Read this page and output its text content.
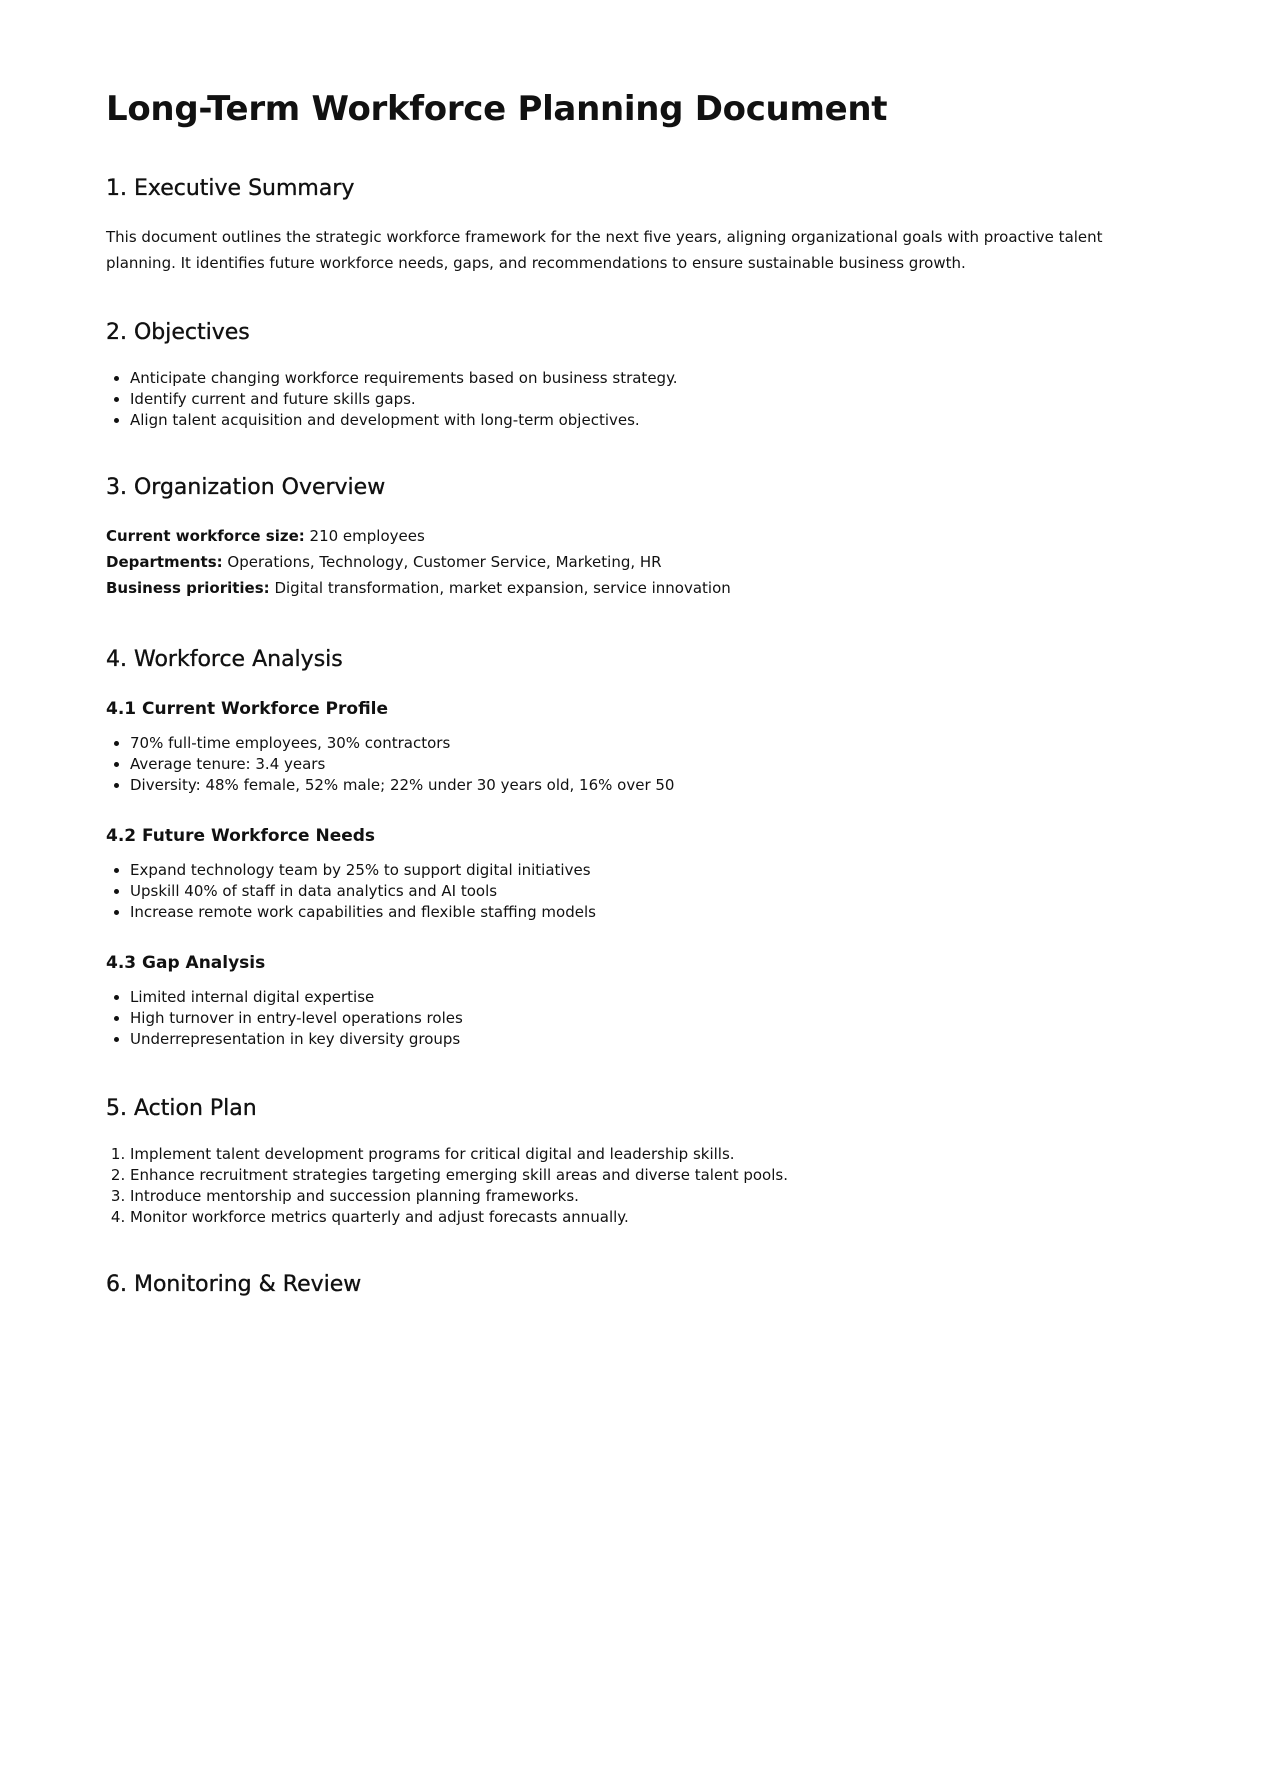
Long-Term Workforce Planning Document
1. Executive Summary

This document outlines the strategic workforce framework for the next five years, aligning organizational goals with proactive talent planning. It identifies future workforce needs, gaps, and recommendations to ensure sustainable business growth.

2. Objectives
• Anticipate changing workforce requirements based on business strategy.
• Identify current and future skills gaps.
• Align talent acquisition and development with long-term objectives.
3. Organization Overview
Current workforce size: 210 employees
Departments: Operations, Technology, Customer Service, Marketing, HR
Business priorities: Digital transformation, market expansion, service innovation
4. Workforce Analysis
4.1 Current Workforce Profile
• 70% full-time employees, 30% contractors
• Average tenure: 3.4 years
• Diversity: 48% female, 52% male; 22% under 30 years old, 16% over 50
4.2 Future Workforce Needs
• Expand technology team by 25% to support digital initiatives
• Upskill 40% of staff in data analytics and AI tools
• Increase remote work capabilities and flexible staffing models
4.3 Gap Analysis
• Limited internal digital expertise
• High turnover in entry-level operations roles
• Underrepresentation in key diversity groups
5. Action Plan
1. Implement talent development programs for critical digital and leadership skills.
2. Enhance recruitment strategies targeting emerging skill areas and diverse talent pools.
3. Introduce mentorship and succession planning frameworks.
4. Monitor workforce metrics quarterly and adjust forecasts annually.
6. Monitoring & Review
